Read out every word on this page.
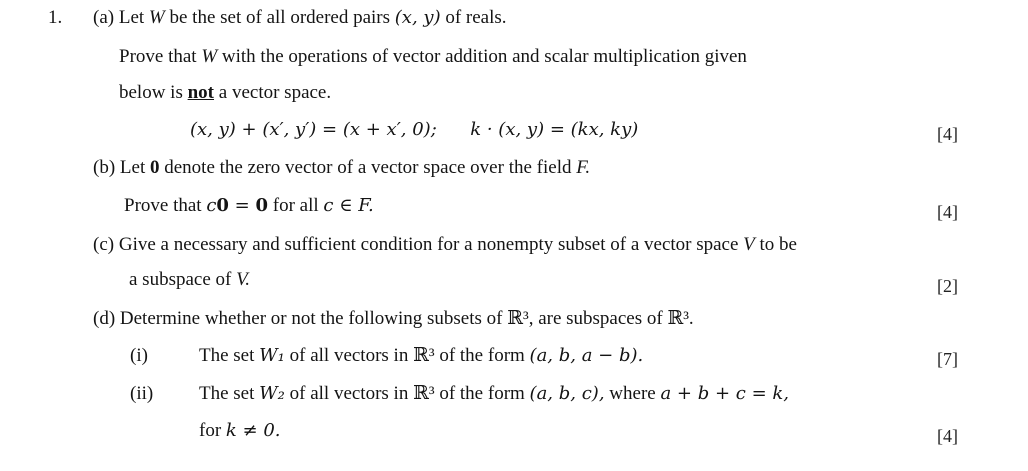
1. (a) Let W be the set of all ordered pairs (x, y) of reals.
Prove that W with the operations of vector addition and scalar multiplication given
below is not a vector space.
(x, y) + (x′, y′) = (x + x′, 0); k · (x, y) = (kx, ky)	[4]
(b) Let 0 denote the zero vector of a vector space over the field F.
Prove that c0 = 0 for all c ∈ F.	[4]
(c) Give a necessary and sufficient condition for a nonempty subset of a vector space V to be
a subspace of V.	[2]
(d) Determine whether or not the following subsets of ℝ³, are subspaces of ℝ³.
(i)	The set W₁ of all vectors in ℝ³ of the form (a, b, a − b).	[7]
(ii) The set W₂ of all vectors in ℝ³ of the form (a, b, c), where a + b + c = k,
for k ≠ 0.	[4]
